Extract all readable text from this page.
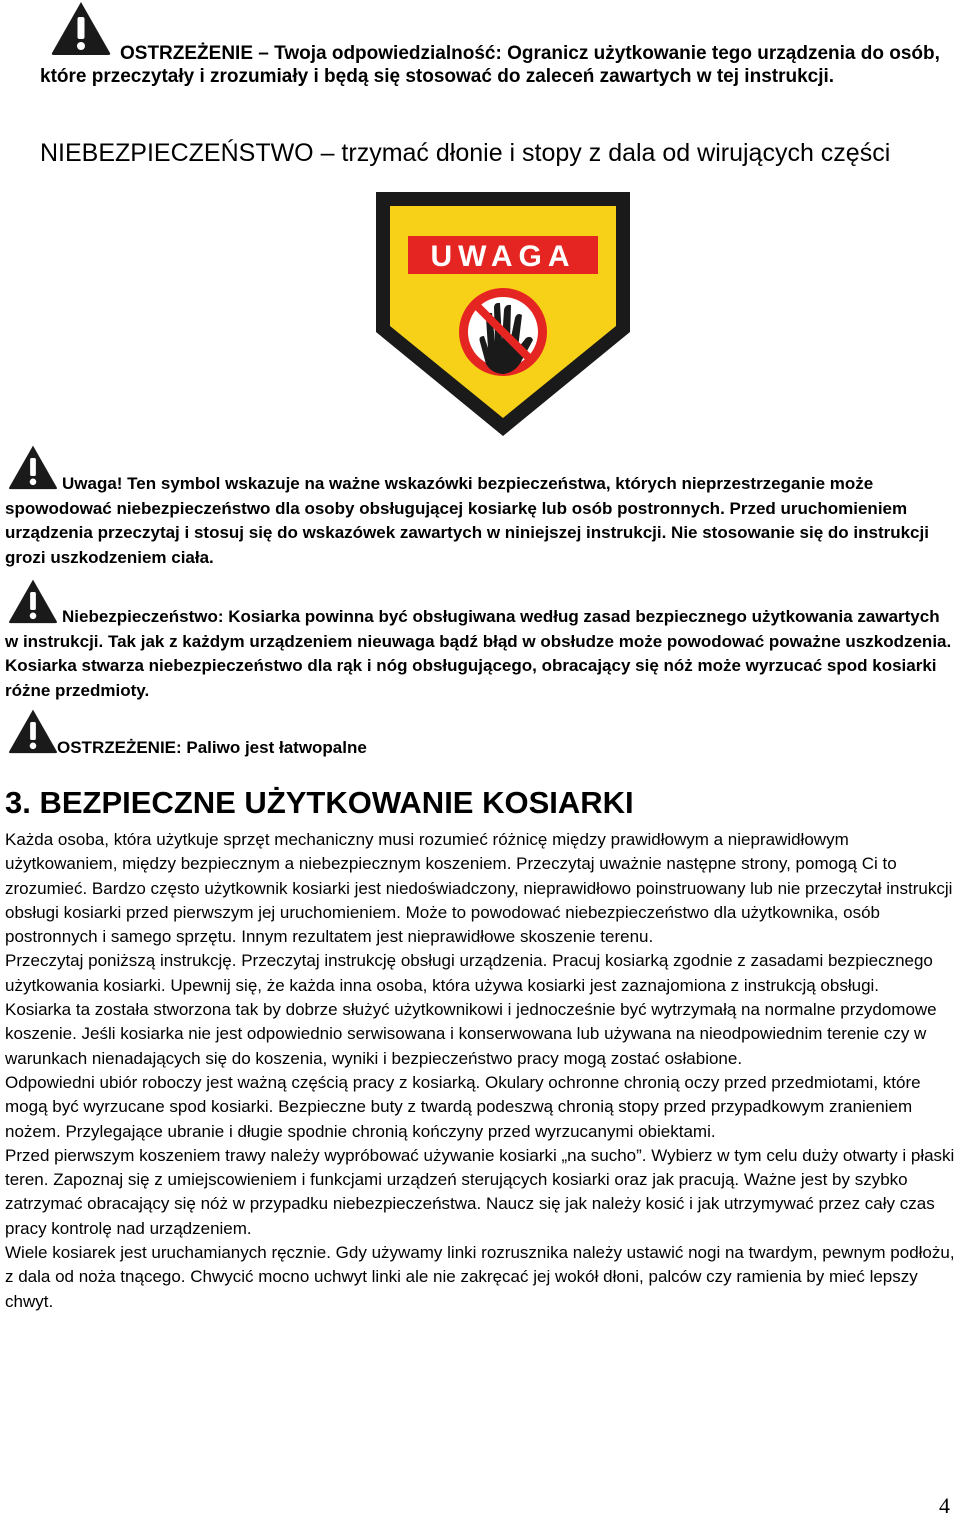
OSTRZEŻENIE – Twoja odpowiedzialność: Ogranicz użytkowanie tego urządzenia do osób, które przeczytały i zrozumiały i będą się stosować do zaleceń zawartych w tej instrukcji.
NIEBEZPIECZEŃSTWO – trzymać dłonie i stopy z dala od wirujących części
UWAGA
Uwaga! Ten symbol wskazuje na ważne wskazówki bezpieczeństwa, których nieprzestrzeganie może spowodować niebezpieczeństwo dla osoby obsługującej kosiarkę lub osób postronnych. Przed uruchomieniem urządzenia przeczytaj i stosuj się do wskazówek zawartych w niniejszej instrukcji. Nie stosowanie się do instrukcji grozi uszkodzeniem ciała.
Niebezpieczeństwo: Kosiarka powinna być obsługiwana według zasad bezpiecznego użytkowania zawartych w instrukcji. Tak jak z każdym urządzeniem nieuwaga bądź błąd w obsłudze może powodować poważne uszkodzenia. Kosiarka stwarza niebezpieczeństwo dla rąk i nóg obsługującego, obracający się nóż może wyrzucać spod kosiarki różne przedmioty.
OSTRZEŻENIE: Paliwo jest łatwopalne
3. BEZPIECZNE UŻYTKOWANIE KOSIARKI

Każda osoba, która użytkuje sprzęt mechaniczny musi rozumieć różnicę między prawidłowym a nieprawidłowym użytkowaniem, między bezpiecznym a niebezpiecznym koszeniem. Przeczytaj uważnie następne strony, pomogą Ci to zrozumieć. Bardzo często użytkownik kosiarki jest niedoświadczony, nieprawidłowo poinstruowany lub nie przeczytał instrukcji obsługi kosiarki przed pierwszym jej uruchomieniem. Może to powodować niebezpieczeństwo dla użytkownika, osób postronnych i samego sprzętu. Innym rezultatem jest nieprawidłowe skoszenie terenu.

Przeczytaj poniższą instrukcję. Przeczytaj instrukcję obsługi urządzenia. Pracuj kosiarką zgodnie z zasadami bezpiecznego użytkowania kosiarki. Upewnij się, że każda inna osoba, która używa kosiarki jest zaznajomiona z instrukcją obsługi.

Kosiarka ta została stworzona tak by dobrze służyć użytkownikowi i jednocześnie być wytrzymałą na normalne przydomowe koszenie. Jeśli kosiarka nie jest odpowiednio serwisowana i konserwowana lub używana na nieodpowiednim terenie czy w warunkach nienadających się do koszenia, wyniki i bezpieczeństwo pracy mogą zostać osłabione.

Odpowiedni ubiór roboczy jest ważną częścią pracy z kosiarką. Okulary ochronne chronią oczy przed przedmiotami, które mogą być wyrzucane spod kosiarki. Bezpieczne buty z twardą podeszwą chronią stopy przed przypadkowym zranieniem nożem. Przylegające ubranie i długie spodnie chronią kończyny przed wyrzucanymi obiektami.

Przed pierwszym koszeniem trawy należy wypróbować używanie kosiarki „na sucho”. Wybierz w tym celu duży otwarty i płaski teren. Zapoznaj się z umiejscowieniem i funkcjami urządzeń sterujących kosiarki oraz jak pracują. Ważne jest by szybko zatrzymać obracający się nóż w przypadku niebezpieczeństwa. Naucz się jak należy kosić i jak utrzymywać przez cały czas pracy kontrolę nad urządzeniem.

Wiele kosiarek jest uruchamianych ręcznie. Gdy używamy linki rozrusznika należy ustawić nogi na twardym, pewnym podłożu, z dala od noża tnącego. Chwycić mocno uchwyt linki ale nie zakręcać jej wokół dłoni, palców czy ramienia by mieć lepszy chwyt.

4
